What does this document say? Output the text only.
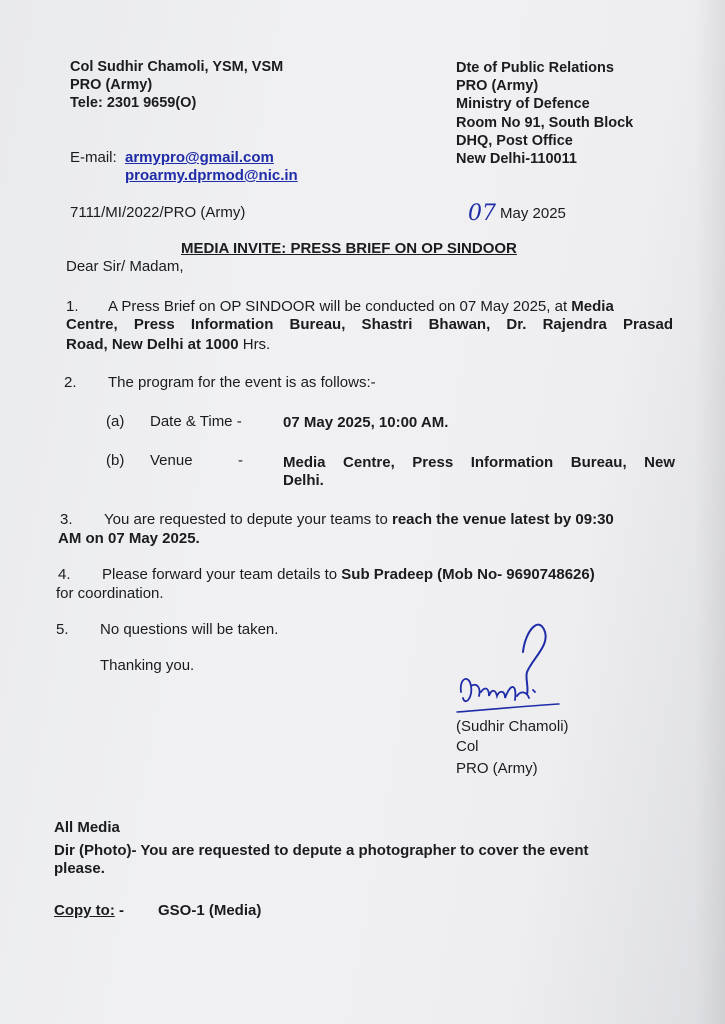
Col Sudhir Chamoli, YSM, VSM

PRO (Army)

Tele: 2301 9659(O)

E-mail: armypro@gmail.com

proarmy.dprmod@nic.in

Dte of Public Relations

PRO (Army)

Ministry of Defence

Room No 91, South Block

DHQ, Post Office

New Delhi-110011

7111/MI/2022/PRO (Army)	07 May 2025

MEDIA INVITE: PRESS BRIEF ON OP SINDOOR

Dear Sir/ Madam,

1. A Press Brief on OP SINDOOR will be conducted on 07 May 2025, at Media

Centre, Press Information Bureau, Shastri Bhawan, Dr. Rajendra Prasad

Road, New Delhi at 1000 Hrs.

2. The program for the event is as follows:-

(a) Date & Time -	07 May 2025, 10:00 AM.

(b) Venue	-	Media Centre, Press Information Bureau, New

Delhi.

3. You are requested to depute your teams to reach the venue latest by 09:30

AM on 07 May 2025.

4. Please forward your team details to Sub Pradeep (Mob No- 9690748626)

for coordination.

5. No questions will be taken.

Thanking you.

(Sudhir Chamoli)

Col

PRO (Army)

All Media

Dir (Photo)- You are requested to depute a photographer to cover the event

please.

Copy to: - GSO-1 (Media)
